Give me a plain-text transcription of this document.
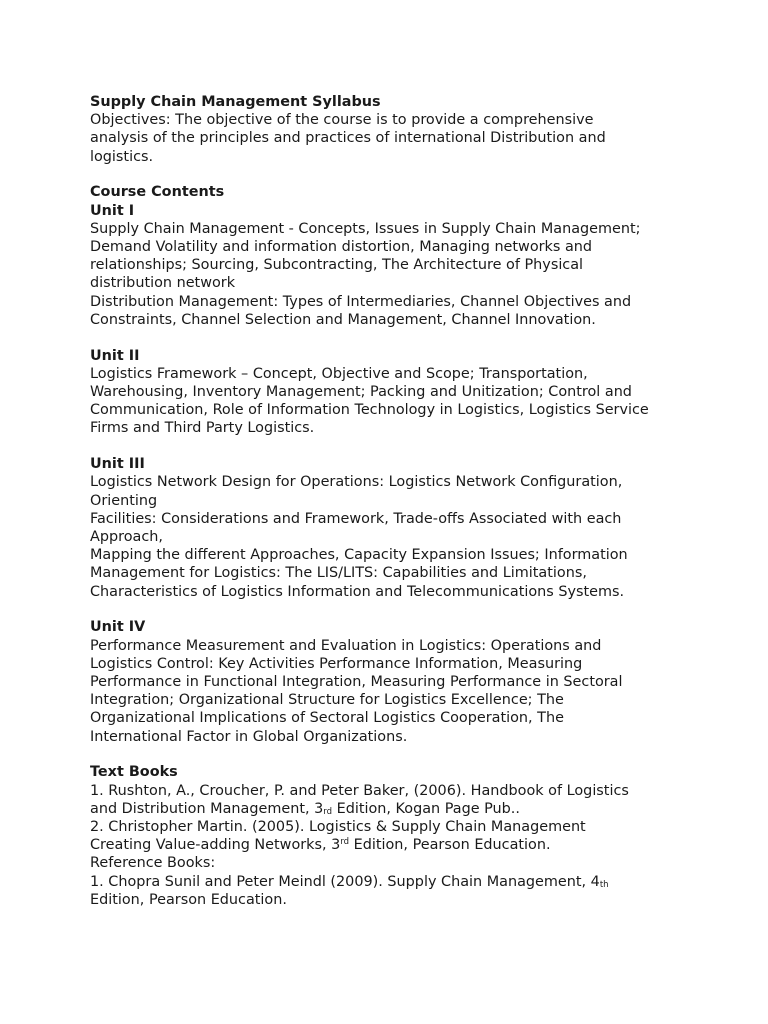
Supply Chain Management Syllabus

Objectives: The objective of the course is to provide a comprehensive

analysis of the principles and practices of international Distribution and

logistics.

Course Contents

Unit I

Supply Chain Management - Concepts, Issues in Supply Chain Management;

Demand Volatility and information distortion, Managing networks and

relationships; Sourcing, Subcontracting, The Architecture of Physical

distribution network

Distribution Management: Types of Intermediaries, Channel Objectives and

Constraints, Channel Selection and Management, Channel Innovation.

Unit II

Logistics Framework – Concept, Objective and Scope; Transportation,

Warehousing, Inventory Management; Packing and Unitization; Control and

Communication, Role of Information Technology in Logistics, Logistics Service

Firms and Third Party Logistics.

Unit III

Logistics Network Design for Operations: Logistics Network Configuration,

Orienting

Facilities: Considerations and Framework, Trade-offs Associated with each

Approach,

Mapping the different Approaches, Capacity Expansion Issues; Information

Management for Logistics: The LIS/LITS: Capabilities and Limitations,

Characteristics of Logistics Information and Telecommunications Systems.

Unit IV

Performance Measurement and Evaluation in Logistics: Operations and

Logistics Control: Key Activities Performance Information, Measuring

Performance in Functional Integration, Measuring Performance in Sectoral

Integration; Organizational Structure for Logistics Excellence; The

Organizational Implications of Sectoral Logistics Cooperation, The

International Factor in Global Organizations.

Text Books

1. Rushton, A., Croucher, P. and Peter Baker, (2006). Handbook of Logistics

and Distribution Management, $3_{rd}$ Edition, Kogan Page Pub..

2. Christopher Martin. (2005). Logistics & Supply Chain Management

Creating Value-adding Networks, 3rd Edition, Pearson Education.

Reference Books:

1. Chopra Sunil and Peter Meindl (2009). Supply Chain Management, $4_{th}$

Edition, Pearson Education.
